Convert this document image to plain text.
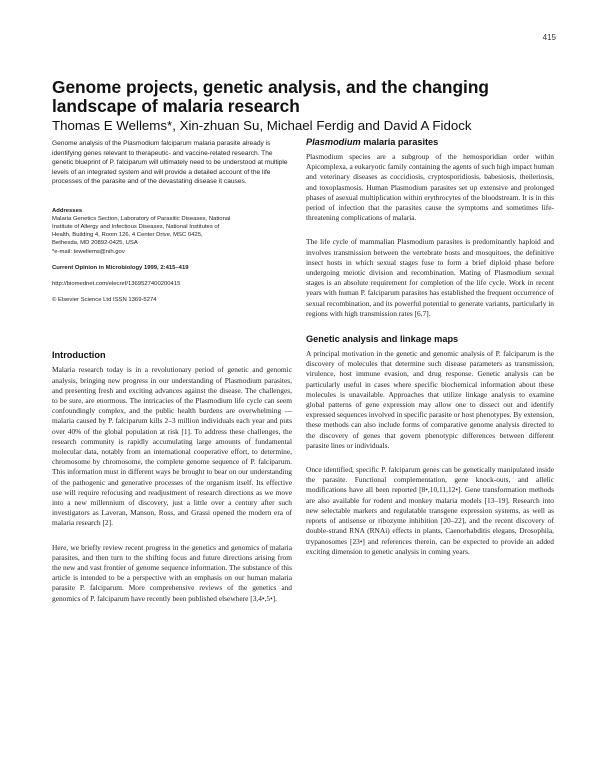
415
Genome projects, genetic analysis, and the changing landscape of malaria research

Thomas E Wellems*, Xin-zhuan Su, Michael Ferdig and David A Fidock

Genome analysis of the Plasmodium falciparum malaria parasite already is identifying genes relevant to therapeutic- and vaccine-related research. The genetic blueprint of P. falciparum will ultimately need to be understood at multiple levels of an integrated system and will provide a detailed account of the life processes of the parasite and of the devastating disease it causes.

Addresses

Malaria Genetics Section, Laboratory of Parasitic Diseases, National

Institute of Allergy and Infectious Diseases, National Institutes of

Health, Building 4, Room 126, 4 Center Drive, MSC 0425,

Bethesda, MD 20892-0425, USA

*e-mail: tewellems@nih.gov

Current Opinion in Microbiology 1999, 2:415–419

http://biomednet.com/elecref/1369527400200415

© Elsevier Science Ltd ISSN 1369-5274

Introduction

Malaria research today is in a revolutionary period of genetic and genomic analysis, bringing new progress in our understanding of Plasmodium parasites, and presenting fresh and exciting advances against the disease. The challenges, to be sure, are enormous. The intricacies of the Plasmodium life cycle can seem confoundingly complex, and the public health burdens are overwhelming — malaria caused by P. falciparum kills 2–3 million individuals each year and puts over 40% of the global population at risk [1]. To address these challenges, the research community is rapidly accumulating large amounts of fundamental molecular data, notably from an international cooperative effort, to determine, chromosome by chromosome, the complete genome sequence of P. falciparum. This information must in different ways be brought to bear on our understanding of the pathogenic and generative processes of the organism itself. Its effective use will require refocusing and readjustment of research directions as we move into a new millennium of discovery, just a little over a century after such investigators as Laveran, Manson, Ross, and Grassi opened the modern era of malaria research [2].

Here, we briefly review recent progress in the genetics and genomics of malaria parasites, and then turn to the shifting focus and future directions arising from the new and vast frontier of genome sequence information. The substance of this article is intended to be a perspective with an emphasis on our human malaria parasite P. falciparum. More comprehensive reviews of the genetics and genomics of P. falciparum have recently been published elsewhere [3,4•,5•].

Plasmodium malaria parasites

Plasmodium species are a subgroup of the hemosporidian order within Apicomplexa, a eukaryotic family containing the agents of such high impact human and veterinary diseases as coccidiosis, cryptosporidiosis, babesiosis, theileriosis, and toxoplasmosis. Human Plasmodium parasites set up extensive and prolonged phases of asexual multiplication within erythrocytes of the bloodstream. It is in this period of infection that the parasites cause the symptoms and sometimes life-threatening complications of malaria.

The life cycle of mammalian Plasmodium parasites is predominantly haploid and involves transmission between the vertebrate hosts and mosquitoes, the definitive insect hosts in which sexual stages fuse to form a brief diploid phase before undergoing meiotic division and recombination. Mating of Plasmodium sexual stages is an absolute requirement for completion of the life cycle. Work in recent years with human P. falciparum parasites has established the frequent occurrence of sexual recombination, and its powerful potential to generate variants, particularly in regions with high transmission rates [6,7].

Genetic analysis and linkage maps

A principal motivation in the genetic and genomic analysis of P. falciparum is the discovery of molecules that determine such disease parameters as transmission, virulence, host immune evasion, and drug response. Genetic analysis can be particularly useful in cases where specific biochemical information about these molecules is unavailable. Approaches that utilize linkage analysis to examine global patterns of gene expression may allow one to dissect out and identify expressed sequences involved in specific parasite or host phenotypes. By extension, these methods can also include forms of comparative genome analysis directed to the discovery of genes that govern phenotypic differences between different parasite lines or individuals.

Once identified, specific P. falciparum genes can be genetically manipulated inside the parasite. Functional complementation, gene knock-outs, and allelic modifications have all been reported [8•,10,11,12•]. Gene transformation methods are also available for rodent and monkey malaria models [13–19]. Research into new selectable markers and regulatable transgene expression systems, as well as reports of antisense or ribozyme inhibition [20–22], and the recent discovery of double-strand RNA (RNAi) effects in plants, Caenorhabditis elegans, Drosophila, trypanosomes [23•] and references therein, can be expected to provide an added exciting dimension to genetic analysis in coming years.
